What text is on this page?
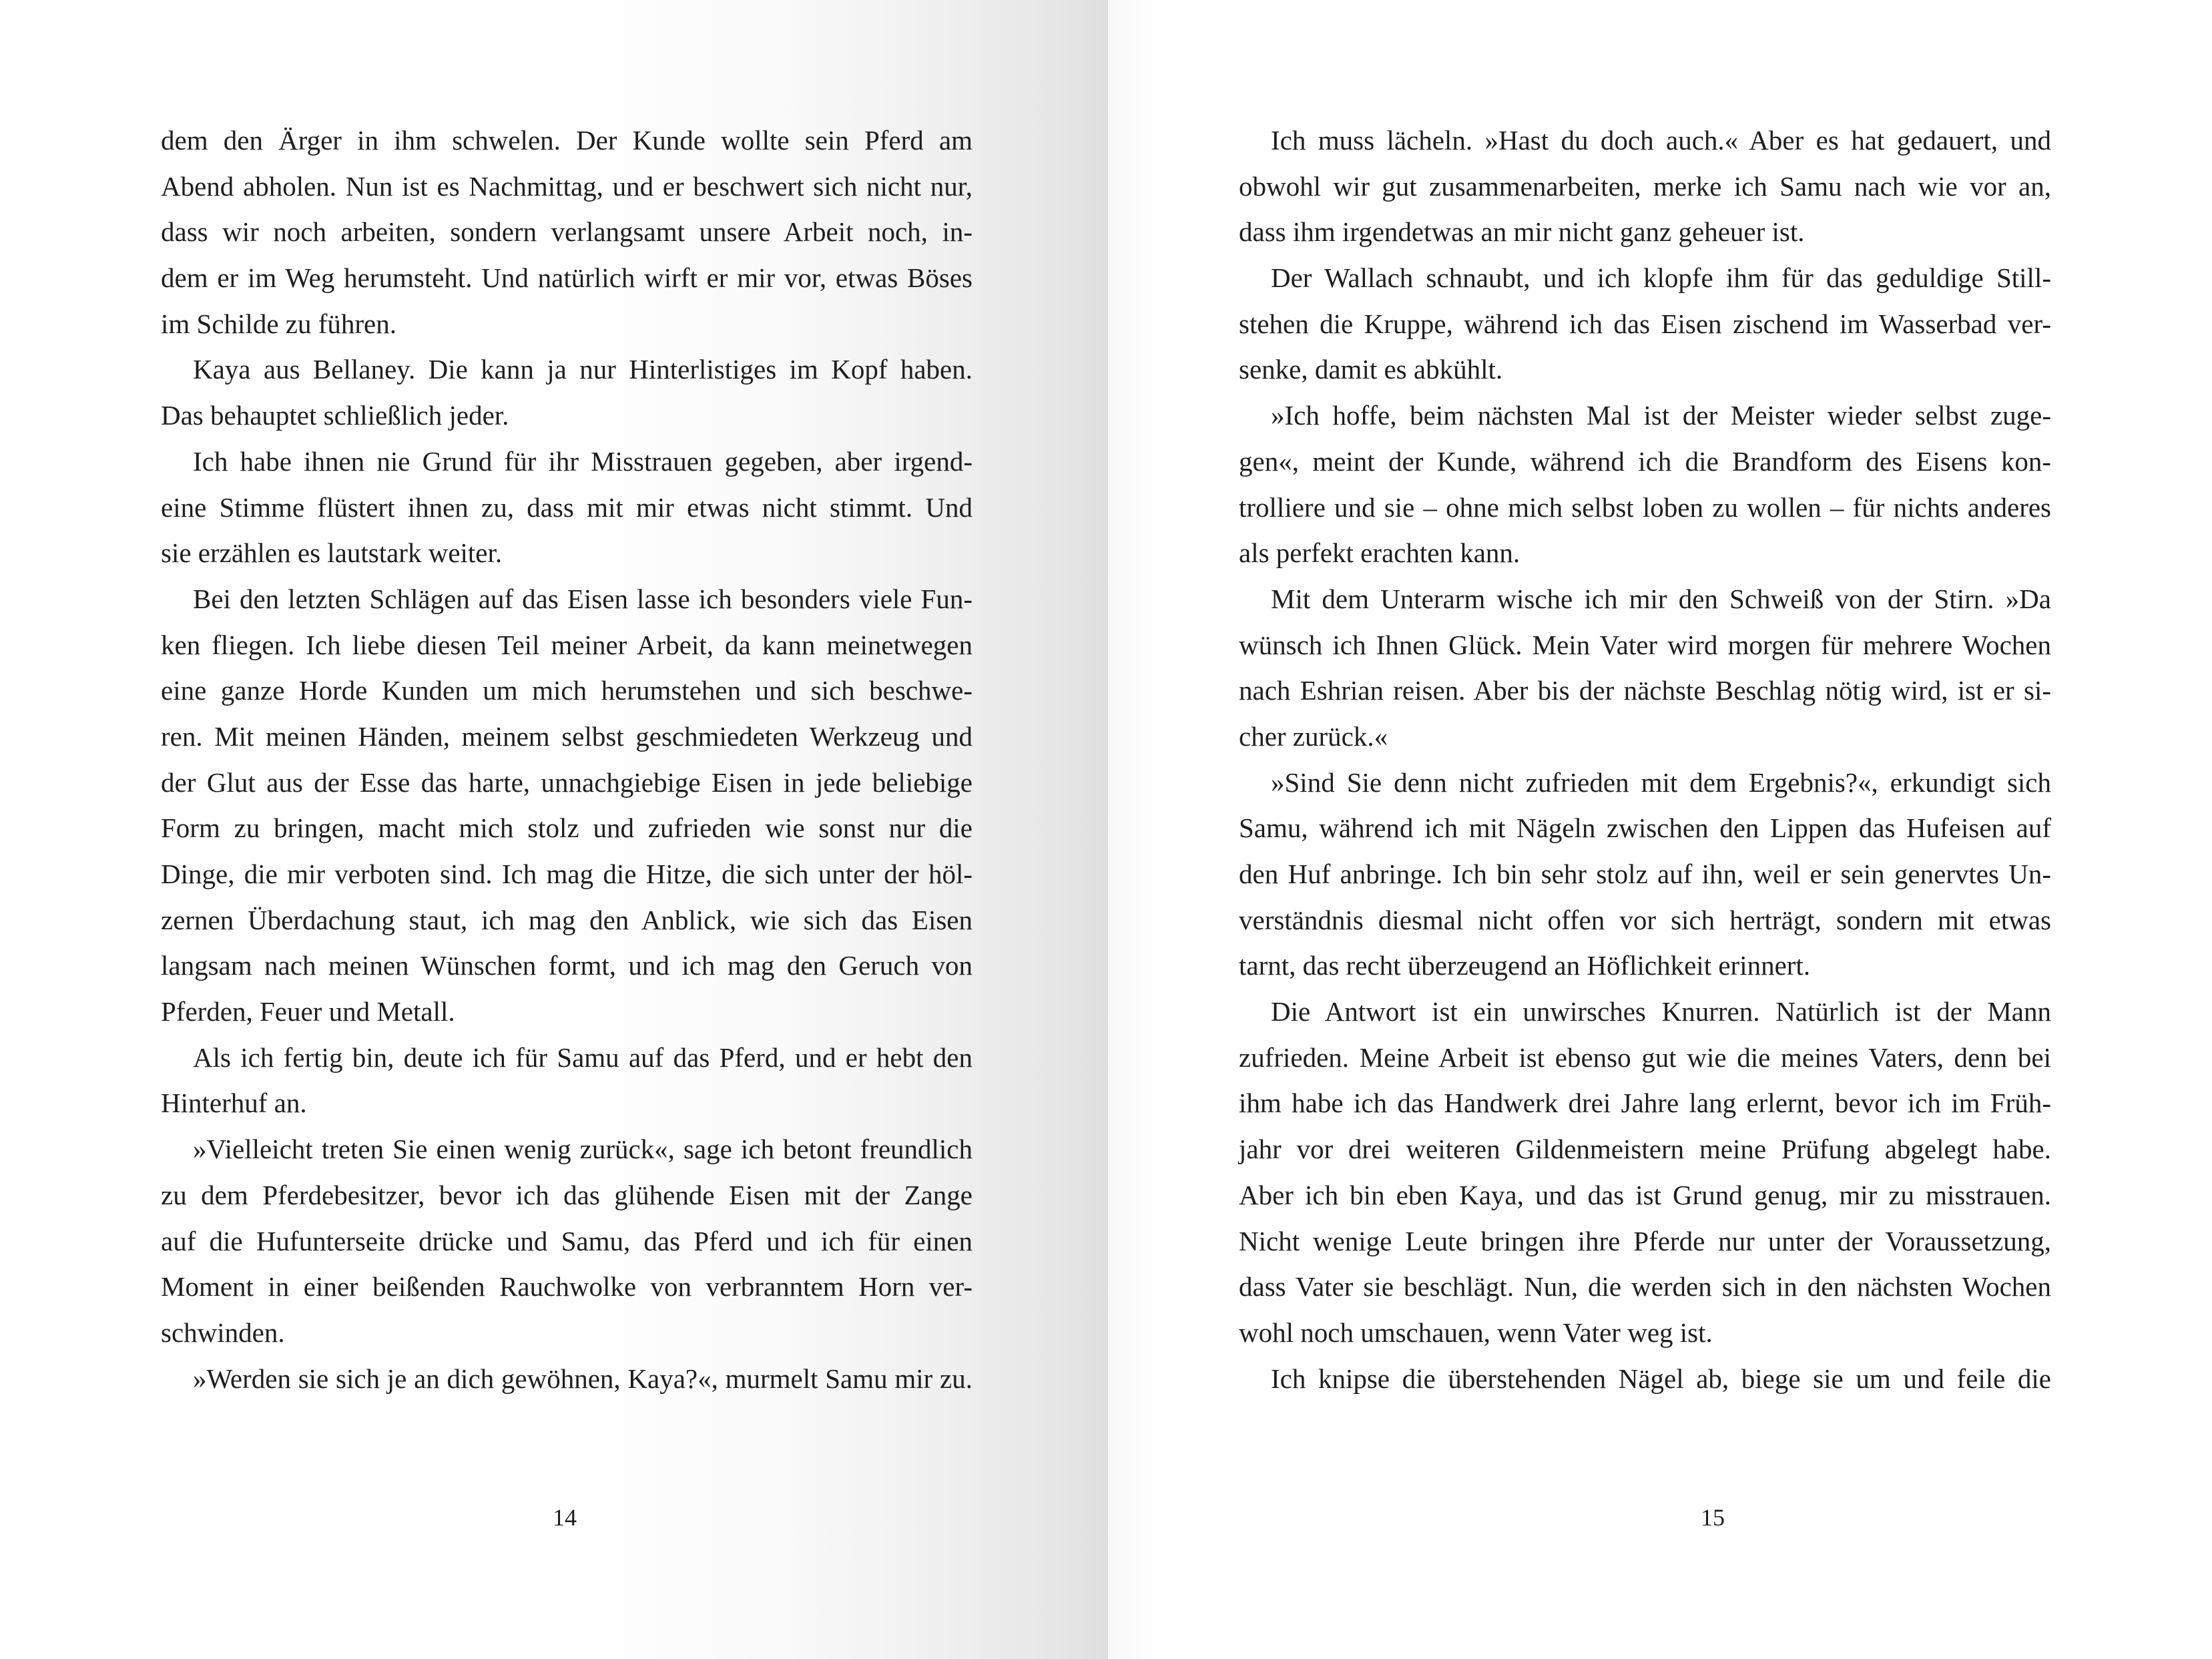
dem den Ärger in ihm schwelen. Der Kunde wollte sein Pferd am
Abend abholen. Nun ist es Nachmittag, und er beschwert sich nicht nur,
dass wir noch arbeiten, sondern verlangsamt unsere Arbeit noch, in-
dem er im Weg herumsteht. Und natürlich wirft er mir vor, etwas Böses
im Schilde zu führen.
Kaya aus Bellaney. Die kann ja nur Hinterlistiges im Kopf haben.
Das behauptet schließlich jeder.
Ich habe ihnen nie Grund für ihr Misstrauen gegeben, aber irgend-
eine Stimme flüstert ihnen zu, dass mit mir etwas nicht stimmt. Und
sie erzählen es lautstark weiter.
Bei den letzten Schlägen auf das Eisen lasse ich besonders viele Fun-
ken fliegen. Ich liebe diesen Teil meiner Arbeit, da kann meinetwegen
eine ganze Horde Kunden um mich herumstehen und sich beschwe-
ren. Mit meinen Händen, meinem selbst geschmiedeten Werkzeug und
der Glut aus der Esse das harte, unnachgiebige Eisen in jede beliebige
Form zu bringen, macht mich stolz und zufrieden wie sonst nur die
Dinge, die mir verboten sind. Ich mag die Hitze, die sich unter der höl-
zernen Überdachung staut, ich mag den Anblick, wie sich das Eisen
langsam nach meinen Wünschen formt, und ich mag den Geruch von
Pferden, Feuer und Metall.
Als ich fertig bin, deute ich für Samu auf das Pferd, und er hebt den
Hinterhuf an.
»Vielleicht treten Sie einen wenig zurück«, sage ich betont freundlich
zu dem Pferdebesitzer, bevor ich das glühende Eisen mit der Zange
auf die Hufunterseite drücke und Samu, das Pferd und ich für einen
Moment in einer beißenden Rauchwolke von verbranntem Horn ver-
schwinden.
»Werden sie sich je an dich gewöhnen, Kaya?«, murmelt Samu mir zu.
14
Ich muss lächeln. »Hast du doch auch.« Aber es hat gedauert, und
obwohl wir gut zusammenarbeiten, merke ich Samu nach wie vor an,
dass ihm irgendetwas an mir nicht ganz geheuer ist.
Der Wallach schnaubt, und ich klopfe ihm für das geduldige Still-
stehen die Kruppe, während ich das Eisen zischend im Wasserbad ver-
senke, damit es abkühlt.
»Ich hoffe, beim nächsten Mal ist der Meister wieder selbst zuge-
gen«, meint der Kunde, während ich die Brandform des Eisens kon-
trolliere und sie – ohne mich selbst loben zu wollen – für nichts anderes
als perfekt erachten kann.
Mit dem Unterarm wische ich mir den Schweiß von der Stirn. »Da
wünsch ich Ihnen Glück. Mein Vater wird morgen für mehrere Wochen
nach Eshrian reisen. Aber bis der nächste Beschlag nötig wird, ist er si-
cher zurück.«
»Sind Sie denn nicht zufrieden mit dem Ergebnis?«, erkundigt sich
Samu, während ich mit Nägeln zwischen den Lippen das Hufeisen auf
den Huf anbringe. Ich bin sehr stolz auf ihn, weil er sein genervtes Un-
verständnis diesmal nicht offen vor sich herträgt, sondern mit etwas
tarnt, das recht überzeugend an Höflichkeit erinnert.
Die Antwort ist ein unwirsches Knurren. Natürlich ist der Mann
zufrieden. Meine Arbeit ist ebenso gut wie die meines Vaters, denn bei
ihm habe ich das Handwerk drei Jahre lang erlernt, bevor ich im Früh-
jahr vor drei weiteren Gildenmeistern meine Prüfung abgelegt habe.
Aber ich bin eben Kaya, und das ist Grund genug, mir zu misstrauen.
Nicht wenige Leute bringen ihre Pferde nur unter der Voraussetzung,
dass Vater sie beschlägt. Nun, die werden sich in den nächsten Wochen
wohl noch umschauen, wenn Vater weg ist.
Ich knipse die überstehenden Nägel ab, biege sie um und feile die
15
